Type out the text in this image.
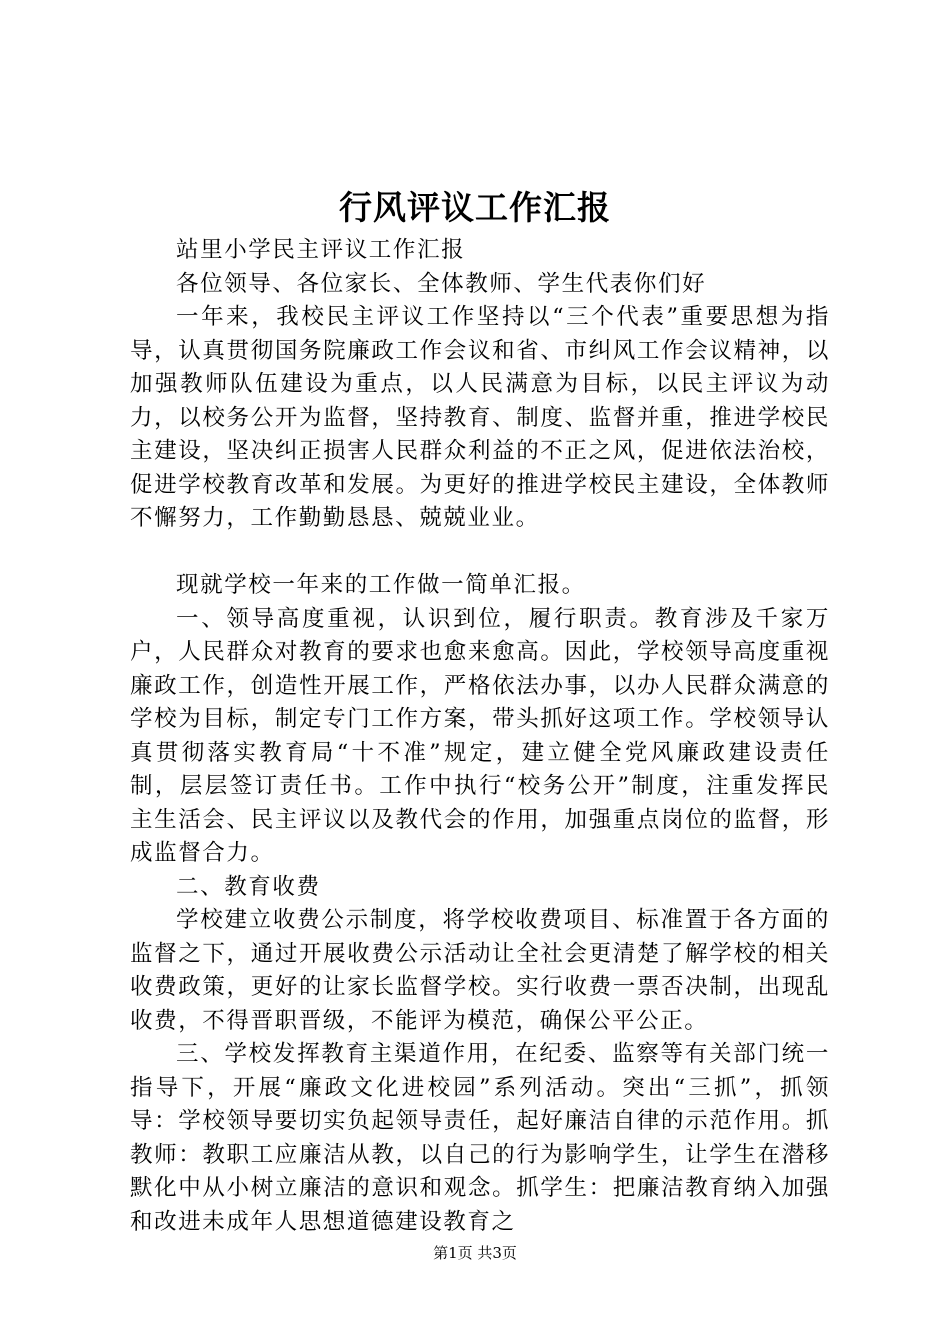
行风评议工作汇报

站里小学民主评议工作汇报

各位领导、各位家长、全体教师、学生代表你们好

一年来，我校民主评议工作坚持以“三个代表”重要思想为指导，认真贯彻国务院廉政工作会议和省、市纠风工作会议精神，以加强教师队伍建设为重点，以人民满意为目标，以民主评议为动力，以校务公开为监督，坚持教育、制度、监督并重，推进学校民主建设，坚决纠正损害人民群众利益的不正之风，促进依法治校，促进学校教育改革和发展。为更好的推进学校民主建设，全体教师不懈努力，工作勤勤恳恳、兢兢业业。

现就学校一年来的工作做一简单汇报。

一、领导高度重视，认识到位，履行职责。教育涉及千家万户，人民群众对教育的要求也愈来愈高。因此，学校领导高度重视廉政工作，创造性开展工作，严格依法办事，以办人民群众满意的学校为目标，制定专门工作方案，带头抓好这项工作。学校领导认真贯彻落实教育局“十不准”规定，建立健全党风廉政建设责任制，层层签订责任书。工作中执行“校务公开”制度，注重发挥民主生活会、民主评议以及教代会的作用，加强重点岗位的监督，形成监督合力。

二、教育收费

学校建立收费公示制度，将学校收费项目、标准置于各方面的监督之下，通过开展收费公示活动让全社会更清楚了解学校的相关收费政策，更好的让家长监督学校。实行收费一票否决制，出现乱收费，不得晋职晋级，不能评为模范，确保公平公正。

三、学校发挥教育主渠道作用，在纪委、监察等有关部门统一指导下，开展“廉政文化进校园”系列活动。突出“三抓”，抓领导：学校领导要切实负起领导责任，起好廉洁自律的示范作用。抓教师：教职工应廉洁从教，以自己的行为影响学生，让学生在潜移默化中从小树立廉洁的意识和观念。抓学生：把廉洁教育纳入加强和改进未成年人思想道德建设教育之

第1页 共3页
